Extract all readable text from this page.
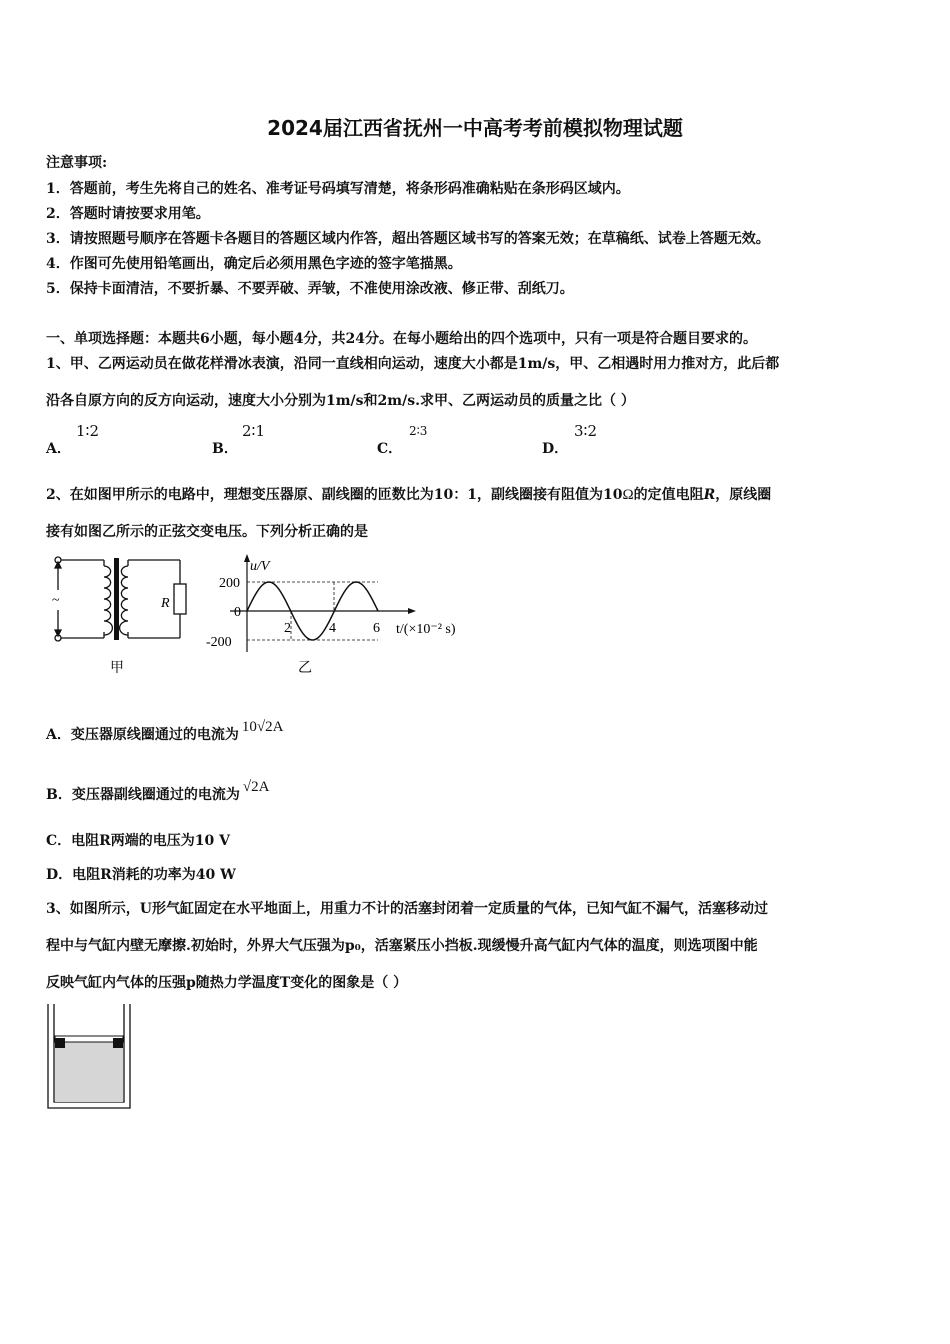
2024届江西省抚州一中高考考前模拟物理试题
注意事项:
1．答题前，考生先将自己的姓名、准考证号码填写清楚，将条形码准确粘贴在条形码区域内。
2．答题时请按要求用笔。
3．请按照题号顺序在答题卡各题目的答题区域内作答，超出答题区域书写的答案无效；在草稿纸、试卷上答题无效。
4．作图可先使用铅笔画出，确定后必须用黑色字迹的签字笔描黑。
5．保持卡面清洁，不要折暴、不要弄破、弄皱，不准使用涂改液、修正带、刮纸刀。
一、单项选择题：本题共6小题，每小题4分，共24分。在每小题给出的四个选项中，只有一项是符合题目要求的。
1、甲、乙两运动员在做花样滑冰表演，沿同一直线相向运动，速度大小都是1m/s，甲、乙相遇时用力推对方，此后都
沿各自原方向的反方向运动，速度大小分别为1m/s和2m/s.求甲、乙两运动员的质量之比（ ）
A．
1∶2
B．
2∶1
C．
2∶3
D．
3∶2
2、在如图甲所示的电路中，理想变压器原、副线圈的匝数比为10：1，副线圈接有阻值为10Ω的定值电阻R，原线圈
接有如图乙所示的正弦交变电压。下列分析正确的是
~	R
甲
u/V
t/(×10⁻² s)
200
0
-200
2	4	6
乙
A．变压器原线圈通过的电流为 10√2A
B．变压器副线圈通过的电流为 √2A
C．电阻R两端的电压为10 V
D．电阻R消耗的功率为40 W
3、如图所示，U形气缸固定在水平地面上，用重力不计的活塞封闭着一定质量的气体，已知气缸不漏气，活塞移动过
程中与气缸内壁无摩擦.初始时，外界大气压强为p₀，活塞紧压小挡板.现缓慢升高气缸内气体的温度，则选项图中能
反映气缸内气体的压强p随热力学温度T变化的图象是（ ）
